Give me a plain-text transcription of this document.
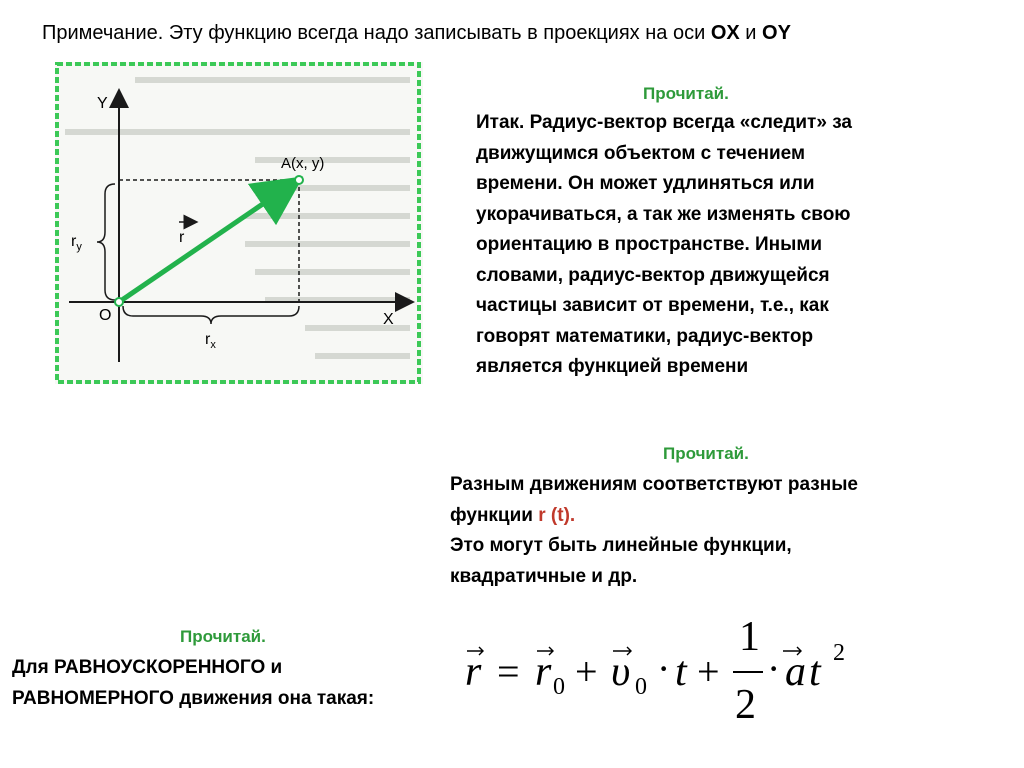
Примечание. Эту функцию всегда надо записывать в проекциях на оси OX и OY
Y
X
O
$r_y$
$r_x$
A(x, y)
r
Прочитай.
Итак. Радиус-вектор всегда «следит» за
движущимся объектом с течением
времени. Он может удлиняться или
укорачиваться, а так же изменять свою
ориентацию в пространстве. Иными
словами, радиус-вектор движущейся
частицы зависит от времени, т.е., как
говорят математики, радиус-вектор
является функцией времени
Прочитай.
Разным движениям соответствуют разные
функции r (t).
Это могут быть линейные функции,
квадратичные и др.
Прочитай.
Для РАВНОУСКОРЕННОГО и
РАВНОМЕРНОГО движения она такая:
r = r 0 + υ 0 · t +
1
2
· a t 2
